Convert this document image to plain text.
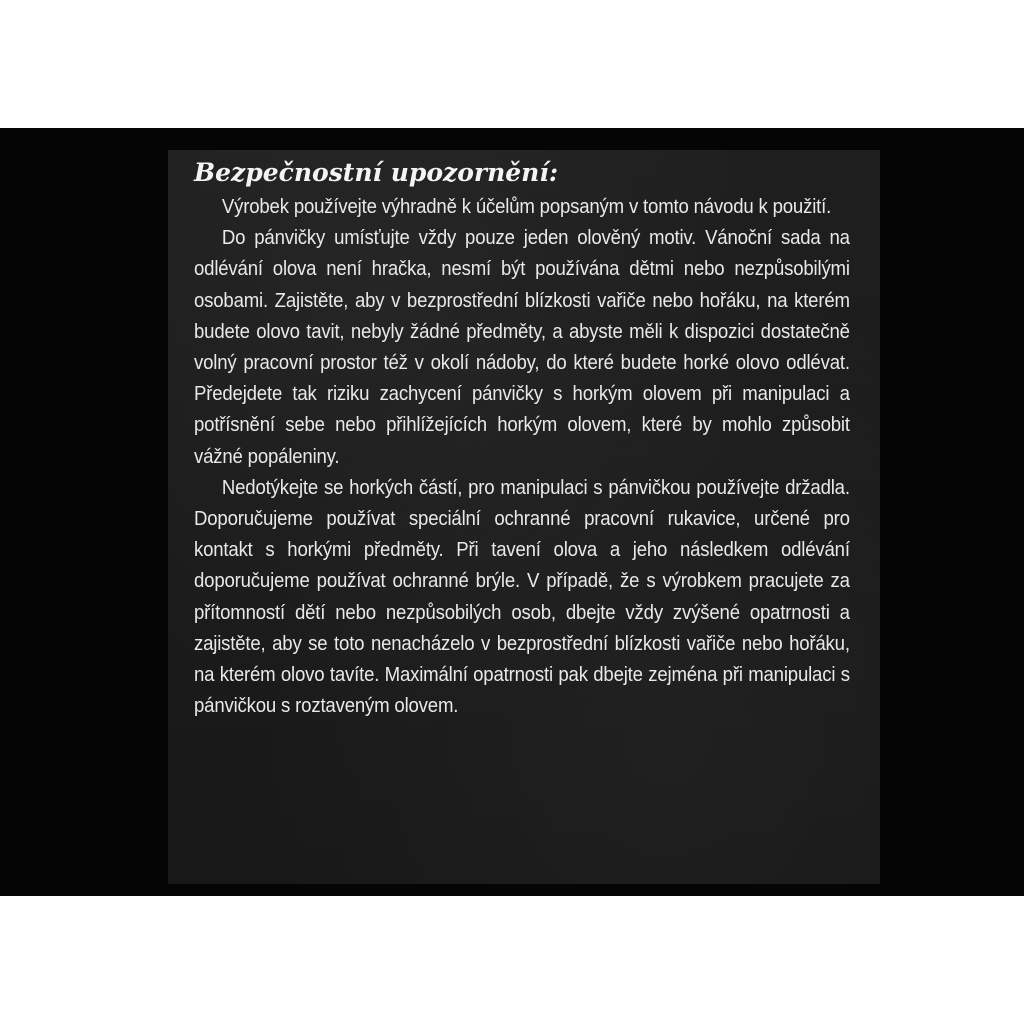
Bezpečnostní upozornění:

Výrobek používejte výhradně k účelům popsaným v tomto návodu k použití.

Do pánvičky umísťujte vždy pouze jeden olověný motiv. Vánoční sada na odlévání olova není hračka, nesmí být používána dětmi nebo nezpůsobilými osobami. Zajistěte, aby v bezprostřední blízkosti vařiče nebo hořáku, na kterém budete olovo tavit, nebyly žádné předměty, a abyste měli k dispozici dostatečně volný pracovní prostor též v okolí nádoby, do které budete horké olovo odlévat. Předejdete tak riziku zachycení pánvičky s horkým olovem při manipulaci a potřísnění sebe nebo přihlížejících horkým olovem, které by mohlo způsobit vážné popáleniny.

Nedotýkejte se horkých částí, pro manipulaci s pánvičkou používejte držadla. Doporučujeme používat speciální ochranné pracovní rukavice, určené pro kontakt s horkými předměty. Při tavení olova a jeho následkem odlévání doporučujeme používat ochranné brýle. V případě, že s výrobkem pracujete za přítomností dětí nebo nezpůsobilých osob, dbejte vždy zvýšené opatrnosti a zajistěte, aby se toto nenacházelo v bezprostřední blízkosti vařiče nebo hořáku, na kterém olovo tavíte. Maximální opatrnosti pak dbejte zejména při manipulaci s pánvičkou s roztaveným olovem.
